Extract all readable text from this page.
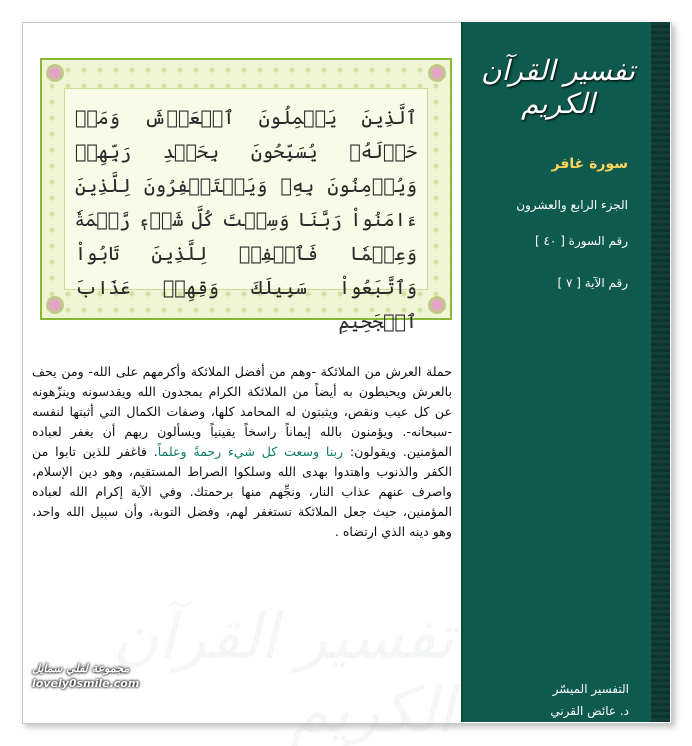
ٱلَّذِينَ يَحۡمِلُونَ ٱلۡعَرۡشَ وَمَنۡ حَوۡلَهُۥ يُسَبِّحُونَ بِحَمۡدِ رَبِّهِمۡ وَيُؤۡمِنُونَ بِهِۦ وَيَسۡتَغۡفِرُونَ لِلَّذِينَ ءَامَنُواْ رَبَّنَا وَسِعۡتَ كُلَّ شَيۡءٖ رَّحۡمَةٗ وَعِلۡمٗا فَٱغۡفِرۡ لِلَّذِينَ تَابُواْ وَٱتَّبَعُواْ سَبِيلَكَ وَقِهِمۡ عَذَابَ ٱلۡجَحِيمِ
حملة العرش من الملائكة -وهم من أفضل الملائكة وأكرمهم على الله- ومن يحف بالعرش ويحيطون به أيضاً من الملائكة الكرام يمجدون الله ويقدسونه وينزّهونه عن كل عيب ونقص، ويثبتون له المحامد كلها، وصفات الكمال التي أثبتها لنفسه -سبحانه-. ويؤمنون بالله إيماناً راسخاً يقينياً ويسألون ربهم أن يغفر لعباده المؤمنين. ويقولون: ربنا وسعت كل شيء رحمةً وعلماً. فاغفر للذين تابوا من الكفر والذنوب واهتدوا بهدى الله وسلكوا الصراط المستقيم، وهو دين الإسلام، واصرف عنهم عذاب النار، ونجِّهم منها برحمتك. وفي الآية إكرام الله لعباده المؤمنين، حيث جعل الملائكة تستغفر لهم، وفضل التوبة، وأن سبيل الله واحد، وهو دينه الذي ارتضاه .
مجموعة لفلي سمايل
lovely0smile.com
تفسير القرآن الكريم
سورة غافر
الجزء الرابع والعشرون
رقم السورة [ ٤٠ ]
رقم الآية [ ٧ ]
التفسير الميسّر
د. عائض القرني
